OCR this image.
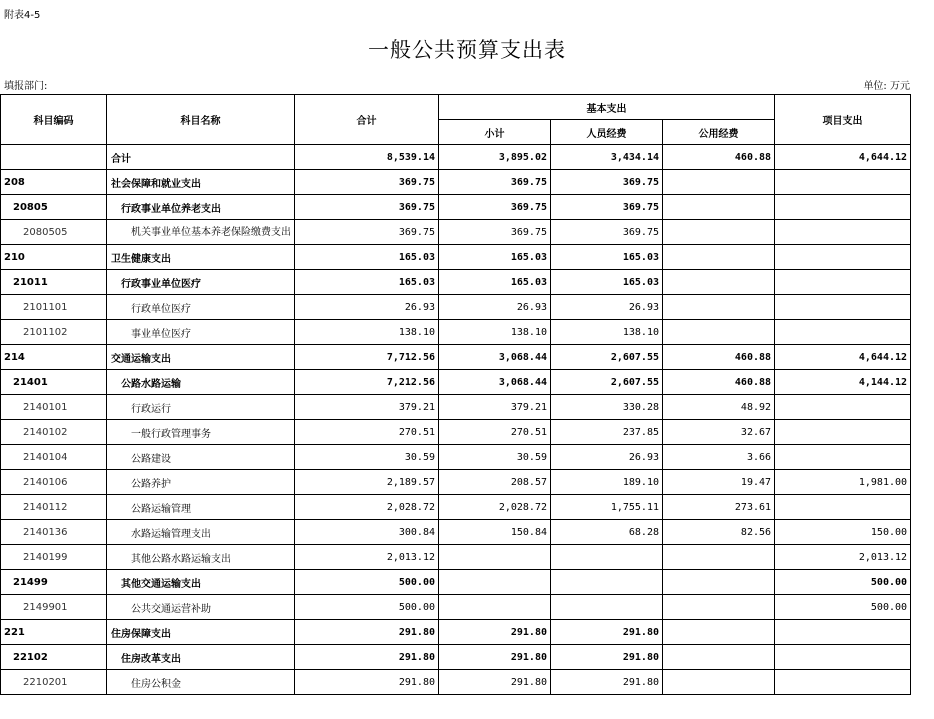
附表4-5
一般公共预算支出表
填报部门:	单位: 万元
科目编码	科目名称	合计	基本支出			项目支出
			小计	人员经费	公用经费	
	合计	8,539.14	3,895.02	3,434.14	460.88	4,644.12
208	社会保障和就业支出	369.75	369.75	369.75		
20805	行政事业单位养老支出	369.75	369.75	369.75		
2080505	机关事业单位基本养老保险缴费支出	369.75	369.75	369.75		
210	卫生健康支出	165.03	165.03	165.03		
21011	行政事业单位医疗	165.03	165.03	165.03		
2101101	行政单位医疗	26.93	26.93	26.93		
2101102	事业单位医疗	138.10	138.10	138.10		
214	交通运输支出	7,712.56	3,068.44	2,607.55	460.88	4,644.12
21401	公路水路运输	7,212.56	3,068.44	2,607.55	460.88	4,144.12
2140101	行政运行	379.21	379.21	330.28	48.92	
2140102	一般行政管理事务	270.51	270.51	237.85	32.67	
2140104	公路建设	30.59	30.59	26.93	3.66	
2140106	公路养护	2,189.57	208.57	189.10	19.47	1,981.00
2140112	公路运输管理	2,028.72	2,028.72	1,755.11	273.61	
2140136	水路运输管理支出	300.84	150.84	68.28	82.56	150.00
2140199	其他公路水路运输支出	2,013.12				2,013.12
21499	其他交通运输支出	500.00				500.00
2149901	公共交通运营补助	500.00				500.00
221	住房保障支出	291.80	291.80	291.80		
22102	住房改革支出	291.80	291.80	291.80		
2210201	住房公积金	291.80	291.80	291.80		
